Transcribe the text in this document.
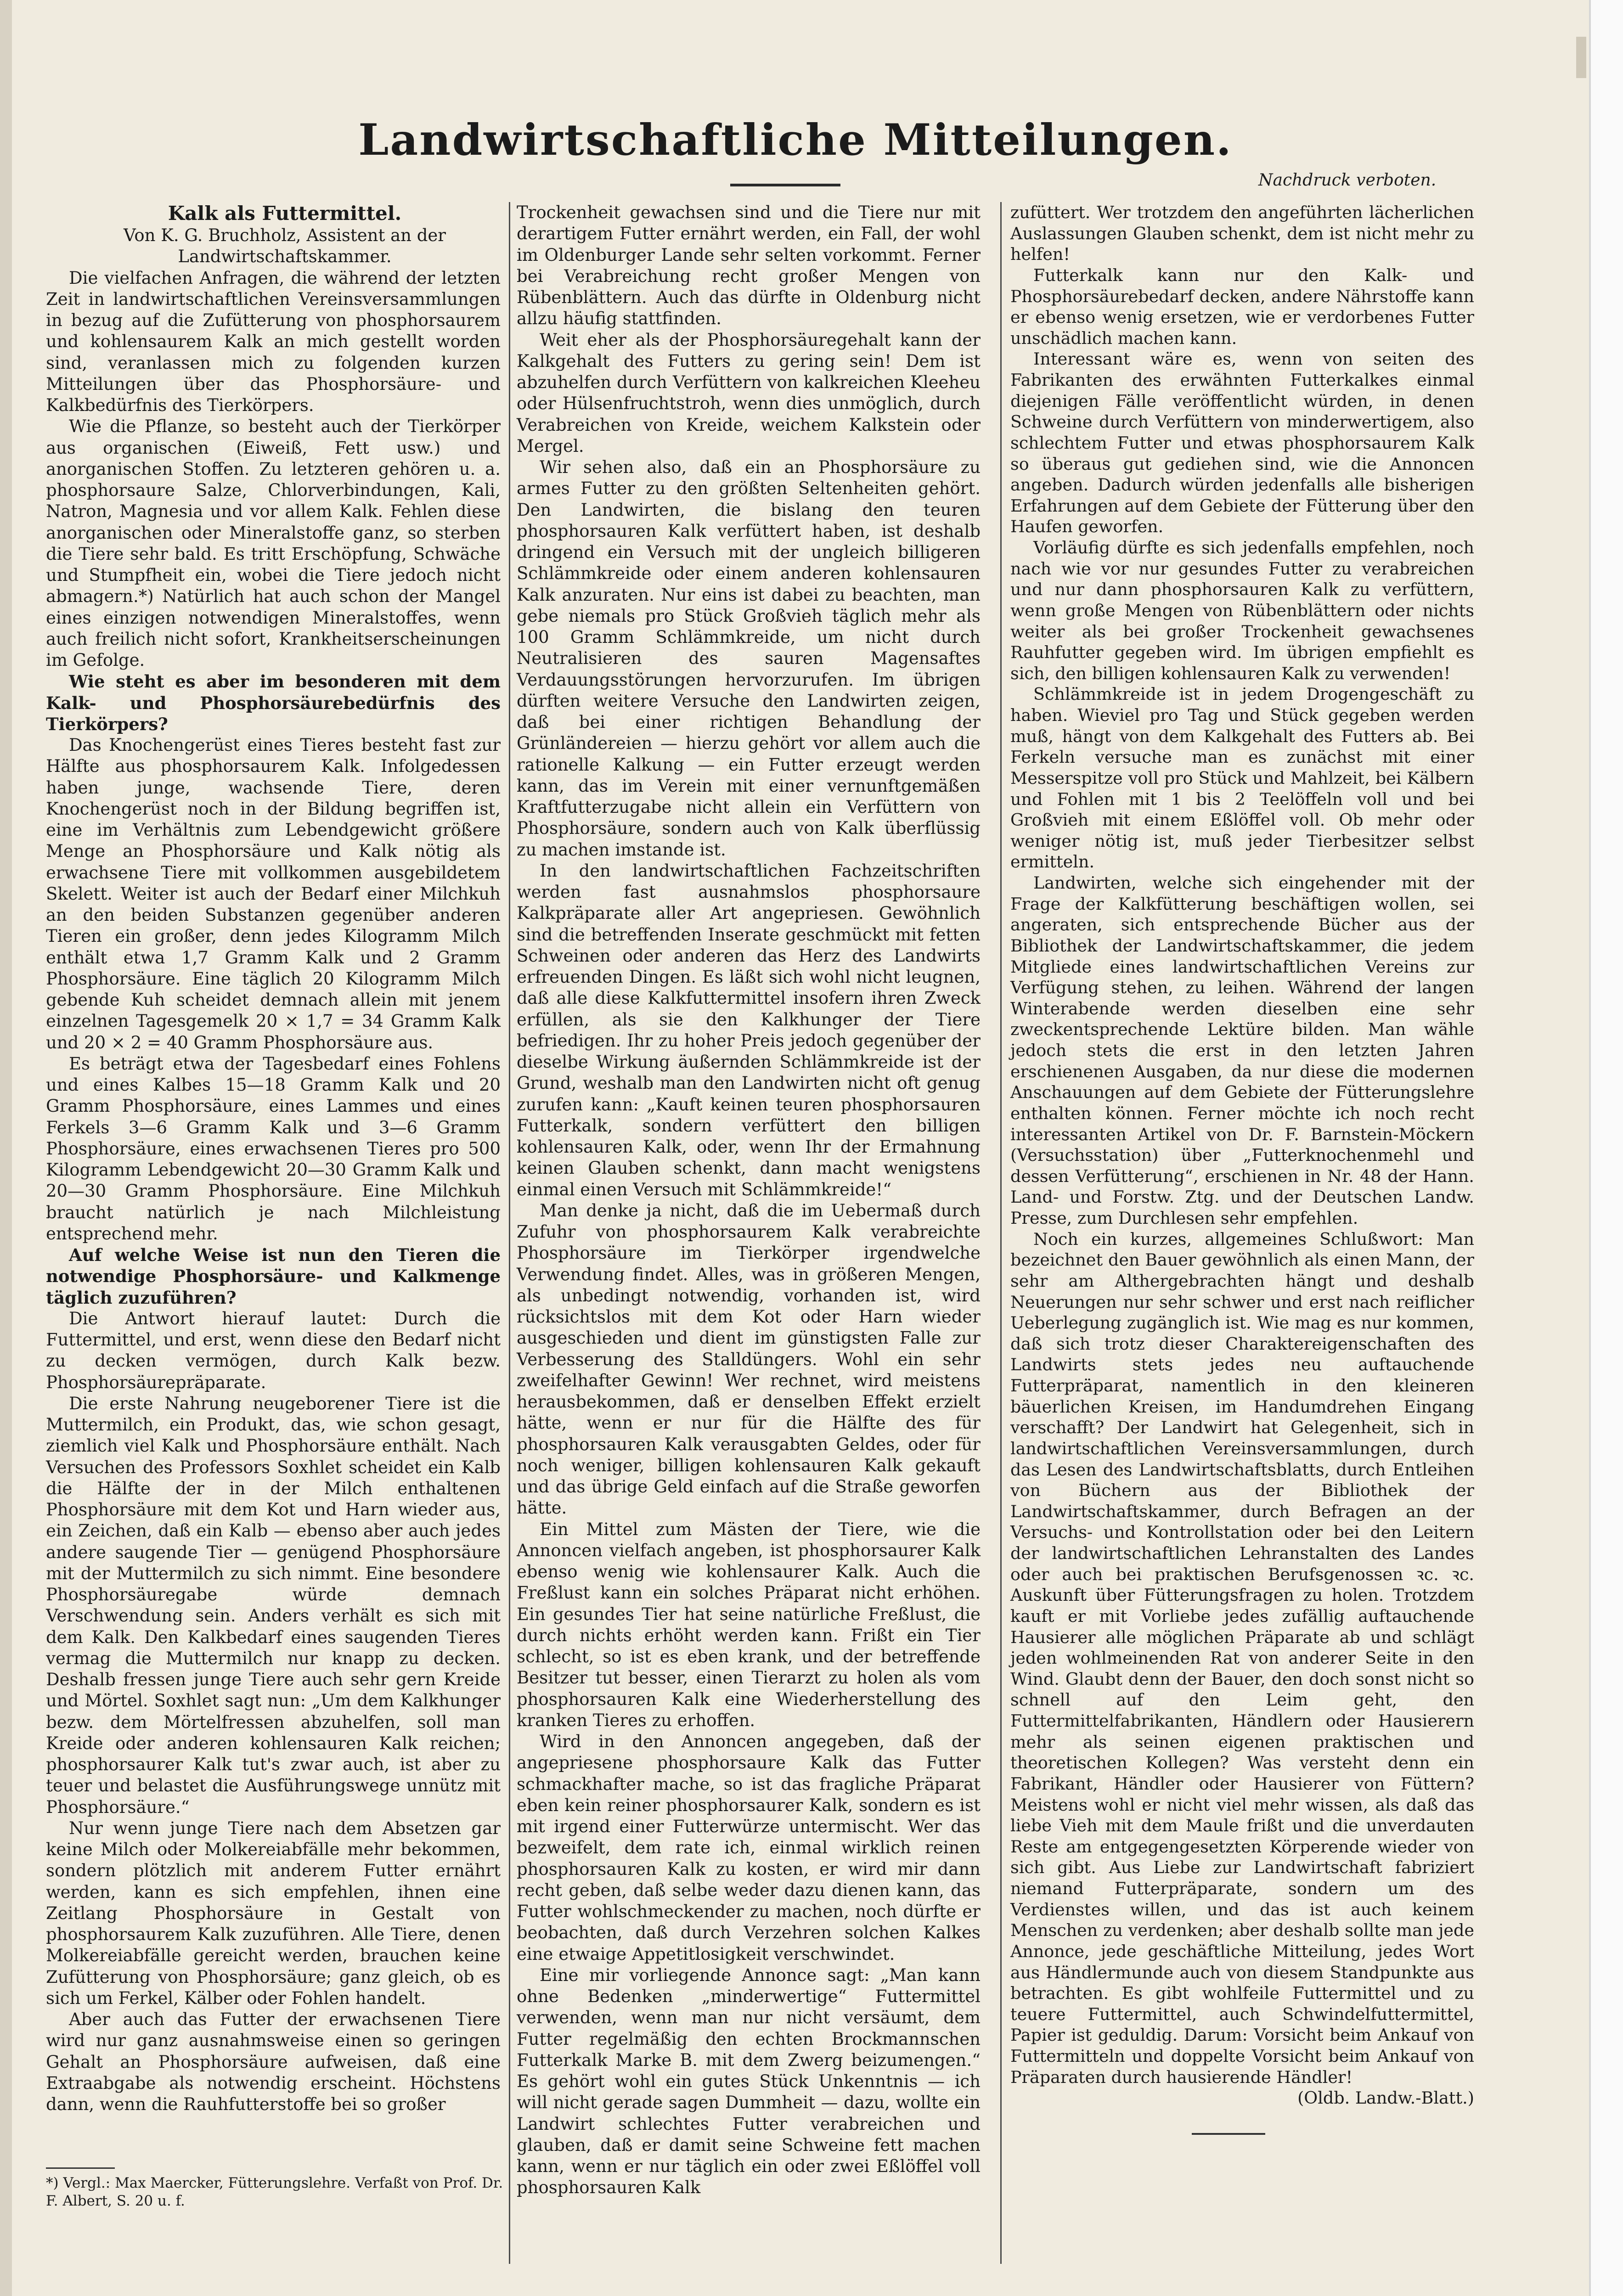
Landwirtschaftliche Mitteilungen.
Nachdruck verboten.

Kalk als Futtermittel.

Von K. G. Bruchholz, Assistent an der

Landwirtschaftskammer.

Die vielfachen Anfragen, die während der letzten Zeit in landwirtschaftlichen Vereinsversammlungen in bezug auf die Zufütterung von phosphorsaurem und kohlensaurem Kalk an mich gestellt worden sind, veranlassen mich zu folgenden kurzen Mitteilungen über das Phosphorsäure- und Kalkbedürfnis des Tierkörpers.

Wie die Pflanze, so besteht auch der Tierkörper aus organischen (Eiweiß, Fett usw.) und anorganischen Stoffen. Zu letzteren gehören u. a. phosphorsaure Salze, Chlorverbindungen, Kali, Natron, Magnesia und vor allem Kalk. Fehlen diese anorganischen oder Mineralstoffe ganz, so sterben die Tiere sehr bald. Es tritt Erschöpfung, Schwäche und Stumpfheit ein, wobei die Tiere jedoch nicht abmagern.*) Natürlich hat auch schon der Mangel eines einzigen notwendigen Mineralstoffes, wenn auch freilich nicht sofort, Krankheitserscheinungen im Gefolge.

Wie steht es aber im besonderen mit dem Kalk- und Phosphorsäurebedürfnis des Tierkörpers?

Das Knochengerüst eines Tieres besteht fast zur Hälfte aus phosphorsaurem Kalk. Infolgedessen haben junge, wachsende Tiere, deren Knochengerüst noch in der Bildung begriffen ist, eine im Verhältnis zum Lebendgewicht größere Menge an Phosphorsäure und Kalk nötig als erwachsene Tiere mit vollkommen ausgebildetem Skelett. Weiter ist auch der Bedarf einer Milchkuh an den beiden Substanzen gegenüber anderen Tieren ein großer, denn jedes Kilogramm Milch enthält etwa 1,7 Gramm Kalk und 2 Gramm Phosphorsäure. Eine täglich 20 Kilogramm Milch gebende Kuh scheidet demnach allein mit jenem einzelnen Tagesgemelk 20 × 1,7 = 34 Gramm Kalk und 20 × 2 = 40 Gramm Phosphorsäure aus.

Es beträgt etwa der Tagesbedarf eines Fohlens und eines Kalbes 15—18 Gramm Kalk und 20 Gramm Phosphorsäure, eines Lammes und eines Ferkels 3—6 Gramm Kalk und 3—6 Gramm Phosphorsäure, eines erwachsenen Tieres pro 500 Kilogramm Lebendgewicht 20—30 Gramm Kalk und 20—30 Gramm Phosphorsäure. Eine Milchkuh braucht natürlich je nach Milchleistung entsprechend mehr.

Auf welche Weise ist nun den Tieren die notwendige Phosphorsäure- und Kalkmenge täglich zuzuführen?

Die Antwort hierauf lautet: Durch die Futtermittel, und erst, wenn diese den Bedarf nicht zu decken vermögen, durch Kalk bezw. Phosphorsäurepräparate.

Die erste Nahrung neugeborener Tiere ist die Muttermilch, ein Produkt, das, wie schon gesagt, ziemlich viel Kalk und Phosphorsäure enthält. Nach Versuchen des Professors Soxhlet scheidet ein Kalb die Hälfte der in der Milch enthaltenen Phosphorsäure mit dem Kot und Harn wieder aus, ein Zeichen, daß ein Kalb — ebenso aber auch jedes andere saugende Tier — genügend Phosphorsäure mit der Muttermilch zu sich nimmt. Eine besondere Phosphorsäuregabe würde demnach Verschwendung sein. Anders verhält es sich mit dem Kalk. Den Kalkbedarf eines saugenden Tieres vermag die Muttermilch nur knapp zu decken. Deshalb fressen junge Tiere auch sehr gern Kreide und Mörtel. Soxhlet sagt nun: „Um dem Kalkhunger bezw. dem Mörtelfressen abzuhelfen, soll man Kreide oder anderen kohlensauren Kalk reichen; phosphorsaurer Kalk tut's zwar auch, ist aber zu teuer und belastet die Ausführungswege unnütz mit Phosphorsäure.“

Nur wenn junge Tiere nach dem Absetzen gar keine Milch oder Molkereiabfälle mehr bekommen, sondern plötzlich mit anderem Futter ernährt werden, kann es sich empfehlen, ihnen eine Zeitlang Phosphorsäure in Gestalt von phosphorsaurem Kalk zuzuführen. Alle Tiere, denen Molkereiabfälle gereicht werden, brauchen keine Zufütterung von Phosphorsäure; ganz gleich, ob es sich um Ferkel, Kälber oder Fohlen handelt.

Aber auch das Futter der erwachsenen Tiere wird nur ganz ausnahmsweise einen so geringen Gehalt an Phosphorsäure aufweisen, daß eine Extraabgabe als notwendig erscheint. Höchstens dann, wenn die Rauhfutterstoffe bei so großer

Trockenheit gewachsen sind und die Tiere nur mit derartigem Futter ernährt werden, ein Fall, der wohl im Oldenburger Lande sehr selten vorkommt. Ferner bei Verabreichung recht großer Mengen von Rübenblättern. Auch das dürfte in Oldenburg nicht allzu häufig stattfinden.

Weit eher als der Phosphorsäuregehalt kann der Kalkgehalt des Futters zu gering sein! Dem ist abzuhelfen durch Verfüttern von kalkreichen Kleeheu oder Hülsenfruchtstroh, wenn dies unmöglich, durch Verabreichen von Kreide, weichem Kalkstein oder Mergel.

Wir sehen also, daß ein an Phosphorsäure zu armes Futter zu den größten Seltenheiten gehört. Den Landwirten, die bislang den teuren phosphorsauren Kalk verfüttert haben, ist deshalb dringend ein Versuch mit der ungleich billigeren Schlämmkreide oder einem anderen kohlensauren Kalk anzuraten. Nur eins ist dabei zu beachten, man gebe niemals pro Stück Großvieh täglich mehr als 100 Gramm Schlämmkreide, um nicht durch Neutralisieren des sauren Magensaftes Verdauungsstörungen hervorzurufen. Im übrigen dürften weitere Versuche den Landwirten zeigen, daß bei einer richtigen Behandlung der Grünländereien — hierzu gehört vor allem auch die rationelle Kalkung — ein Futter erzeugt werden kann, das im Verein mit einer vernunftgemäßen Kraftfutterzugabe nicht allein ein Verfüttern von Phosphorsäure, sondern auch von Kalk überflüssig zu machen imstande ist.

In den landwirtschaftlichen Fachzeitschriften werden fast ausnahmslos phosphorsaure Kalkpräparate aller Art angepriesen. Gewöhnlich sind die betreffenden Inserate geschmückt mit fetten Schweinen oder anderen das Herz des Landwirts erfreuenden Dingen. Es läßt sich wohl nicht leugnen, daß alle diese Kalkfuttermittel insofern ihren Zweck erfüllen, als sie den Kalkhunger der Tiere befriedigen. Ihr zu hoher Preis jedoch gegenüber der dieselbe Wirkung äußernden Schlämmkreide ist der Grund, weshalb man den Landwirten nicht oft genug zurufen kann: „Kauft keinen teuren phosphorsauren Futterkalk, sondern verfüttert den billigen kohlensauren Kalk, oder, wenn Ihr der Ermahnung keinen Glauben schenkt, dann macht wenigstens einmal einen Versuch mit Schlämmkreide!“

Man denke ja nicht, daß die im Uebermaß durch Zufuhr von phosphorsaurem Kalk verabreichte Phosphorsäure im Tierkörper irgendwelche Verwendung findet. Alles, was in größeren Mengen, als unbedingt notwendig, vorhanden ist, wird rücksichtslos mit dem Kot oder Harn wieder ausgeschieden und dient im günstigsten Falle zur Verbesserung des Stalldüngers. Wohl ein sehr zweifelhafter Gewinn! Wer rechnet, wird meistens herausbekommen, daß er denselben Effekt erzielt hätte, wenn er nur für die Hälfte des für phosphorsauren Kalk verausgabten Geldes, oder für noch weniger, billigen kohlensauren Kalk gekauft und das übrige Geld einfach auf die Straße geworfen hätte.

Ein Mittel zum Mästen der Tiere, wie die Annoncen vielfach angeben, ist phosphorsaurer Kalk ebenso wenig wie kohlensaurer Kalk. Auch die Freßlust kann ein solches Präparat nicht erhöhen. Ein gesundes Tier hat seine natürliche Freßlust, die durch nichts erhöht werden kann. Frißt ein Tier schlecht, so ist es eben krank, und der betreffende Besitzer tut besser, einen Tierarzt zu holen als vom phosphorsauren Kalk eine Wiederherstellung des kranken Tieres zu erhoffen.

Wird in den Annoncen angegeben, daß der angepriesene phosphorsaure Kalk das Futter schmackhafter mache, so ist das fragliche Präparat eben kein reiner phosphorsaurer Kalk, sondern es ist mit irgend einer Futterwürze untermischt. Wer das bezweifelt, dem rate ich, einmal wirklich reinen phosphorsauren Kalk zu kosten, er wird mir dann recht geben, daß selbe weder dazu dienen kann, das Futter wohlschmeckender zu machen, noch dürfte er beobachten, daß durch Verzehren solchen Kalkes eine etwaige Appetitlosigkeit verschwindet.

Eine mir vorliegende Annonce sagt: „Man kann ohne Bedenken „minderwertige“ Futtermittel verwenden, wenn man nur nicht versäumt, dem Futter regelmäßig den echten Brockmannschen Futterkalk Marke B. mit dem Zwerg beizumengen.“ Es gehört wohl ein gutes Stück Unkenntnis — ich will nicht gerade sagen Dummheit — dazu, wollte ein Landwirt schlechtes Futter verabreichen und glauben, daß er damit seine Schweine fett machen kann, wenn er nur täglich ein oder zwei Eßlöffel voll phosphorsauren Kalk

zufüttert. Wer trotzdem den angeführten lächerlichen Auslassungen Glauben schenkt, dem ist nicht mehr zu helfen!

Futterkalk kann nur den Kalk- und Phosphorsäurebedarf decken, andere Nährstoffe kann er ebenso wenig ersetzen, wie er verdorbenes Futter unschädlich machen kann.

Interessant wäre es, wenn von seiten des Fabrikanten des erwähnten Futterkalkes einmal diejenigen Fälle veröffentlicht würden, in denen Schweine durch Verfüttern von minderwertigem, also schlechtem Futter und etwas phosphorsaurem Kalk so überaus gut gediehen sind, wie die Annoncen angeben. Dadurch würden jedenfalls alle bisherigen Erfahrungen auf dem Gebiete der Fütterung über den Haufen geworfen.

Vorläufig dürfte es sich jedenfalls empfehlen, noch nach wie vor nur gesundes Futter zu verabreichen und nur dann phosphorsauren Kalk zu verfüttern, wenn große Mengen von Rübenblättern oder nichts weiter als bei großer Trockenheit gewachsenes Rauhfutter gegeben wird. Im übrigen empfiehlt es sich, den billigen kohlensauren Kalk zu verwenden!

Schlämmkreide ist in jedem Drogengeschäft zu haben. Wieviel pro Tag und Stück gegeben werden muß, hängt von dem Kalkgehalt des Futters ab. Bei Ferkeln versuche man es zunächst mit einer Messerspitze voll pro Stück und Mahlzeit, bei Kälbern und Fohlen mit 1 bis 2 Teelöffeln voll und bei Großvieh mit einem Eßlöffel voll. Ob mehr oder weniger nötig ist, muß jeder Tierbesitzer selbst ermitteln.

Landwirten, welche sich eingehender mit der Frage der Kalkfütterung beschäftigen wollen, sei angeraten, sich entsprechende Bücher aus der Bibliothek der Landwirtschaftskammer, die jedem Mitgliede eines landwirtschaftlichen Vereins zur Verfügung stehen, zu leihen. Während der langen Winterabende werden dieselben eine sehr zweckentsprechende Lektüre bilden. Man wähle jedoch stets die erst in den letzten Jahren erschienenen Ausgaben, da nur diese die modernen Anschauungen auf dem Gebiete der Fütterungslehre enthalten können. Ferner möchte ich noch recht interessanten Artikel von Dr. F. Barnstein-Möckern (Versuchsstation) über „Futterknochenmehl und dessen Verfütterung“, erschienen in Nr. 48 der Hann. Land- und Forstw. Ztg. und der Deutschen Landw. Presse, zum Durchlesen sehr empfehlen.

Noch ein kurzes, allgemeines Schlußwort: Man bezeichnet den Bauer gewöhnlich als einen Mann, der sehr am Althergebrachten hängt und deshalb Neuerungen nur sehr schwer und erst nach reiflicher Ueberlegung zugänglich ist. Wie mag es nur kommen, daß sich trotz dieser Charaktereigenschaften des Landwirts stets jedes neu auftauchende Futterpräparat, namentlich in den kleineren bäuerlichen Kreisen, im Handumdrehen Eingang verschafft? Der Landwirt hat Gelegenheit, sich in landwirtschaftlichen Vereinsversammlungen, durch das Lesen des Landwirtschaftsblatts, durch Entleihen von Büchern aus der Bibliothek der Landwirtschaftskammer, durch Befragen an der Versuchs- und Kontrollstation oder bei den Leitern der landwirtschaftlichen Lehranstalten des Landes oder auch bei praktischen Berufsgenossen ꝛc. ꝛc. Auskunft über Fütterungsfragen zu holen. Trotzdem kauft er mit Vorliebe jedes zufällig auftauchende Hausierer alle möglichen Präparate ab und schlägt jeden wohlmeinenden Rat von anderer Seite in den Wind. Glaubt denn der Bauer, den doch sonst nicht so schnell auf den Leim geht, den Futtermittelfabrikanten, Händlern oder Hausierern mehr als seinen eigenen praktischen und theoretischen Kollegen? Was versteht denn ein Fabrikant, Händler oder Hausierer von Füttern? Meistens wohl er nicht viel mehr wissen, als daß das liebe Vieh mit dem Maule frißt und die unverdauten Reste am entgegengesetzten Körperende wieder von sich gibt. Aus Liebe zur Landwirtschaft fabriziert niemand Futterpräparate, sondern um des Verdienstes willen, und das ist auch keinem Menschen zu verdenken; aber deshalb sollte man jede Annonce, jede geschäftliche Mitteilung, jedes Wort aus Händlermunde auch von diesem Standpunkte aus betrachten. Es gibt wohlfeile Futtermittel und zu teuere Futtermittel, auch Schwindelfuttermittel, Papier ist geduldig. Darum: Vorsicht beim Ankauf von Futtermitteln und doppelte Vorsicht beim Ankauf von Präparaten durch hausierende Händler!

(Oldb. Landw.-Blatt.)

*) Vergl.: Max Maercker, Fütterungslehre. Verfaßt von Prof. Dr. F. Albert, S. 20 u. f.
